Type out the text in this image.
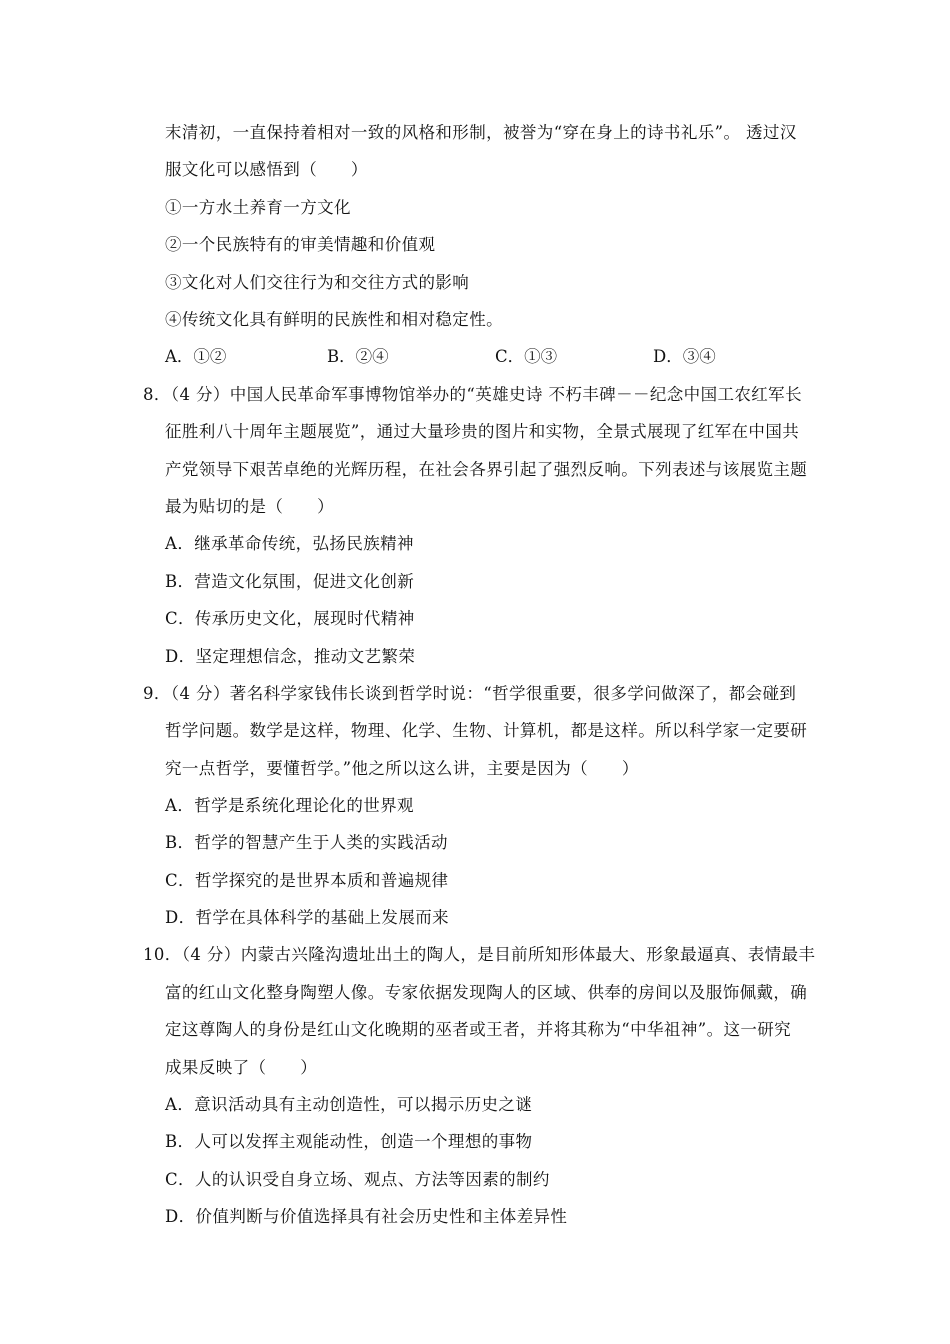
末清初，一直保持着相对一致的风格和形制，被誉为“穿在身上的诗书礼乐”。 透过汉
服文化可以感悟到（　　）
①一方水土养育一方文化
②一个民族特有的审美情趣和价值观
③文化对人们交往行为和交往方式的影响
④传统文化具有鲜明的民族性和相对稳定性。
A．①②	B．②④	C．①③	D．③④
8．（4 分）中国人民革命军事博物馆举办的“英雄史诗 不朽丰碑－－纪念中国工农红军长
征胜利八十周年主题展览”，通过大量珍贵的图片和实物，全景式展现了红军在中国共
产党领导下艰苦卓绝的光辉历程，在社会各界引起了强烈反响。下列表述与该展览主题
最为贴切的是（　　）
A．继承革命传统，弘扬民族精神
B．营造文化氛围，促进文化创新
C．传承历史文化，展现时代精神
D．坚定理想信念，推动文艺繁荣
9．（4 分）著名科学家钱伟长谈到哲学时说：“哲学很重要，很多学问做深了，都会碰到
哲学问题。数学是这样，物理、化学、生物、计算机，都是这样。所以科学家一定要研
究一点哲学，要懂哲学。”他之所以这么讲，主要是因为（　　）
A．哲学是系统化理论化的世界观
B．哲学的智慧产生于人类的实践活动
C．哲学探究的是世界本质和普遍规律
D．哲学在具体科学的基础上发展而来
10．（4 分）内蒙古兴隆沟遗址出土的陶人，是目前所知形体最大、形象最逼真、表情最丰
富的红山文化整身陶塑人像。专家依据发现陶人的区域、供奉的房间以及服饰佩戴，确
定这尊陶人的身份是红山文化晚期的巫者或王者，并将其称为“中华祖神”。这一研究
成果反映了（　　）
A．意识活动具有主动创造性，可以揭示历史之谜
B．人可以发挥主观能动性，创造一个理想的事物
C．人的认识受自身立场、观点、方法等因素的制约
D．价值判断与价值选择具有社会历史性和主体差异性
